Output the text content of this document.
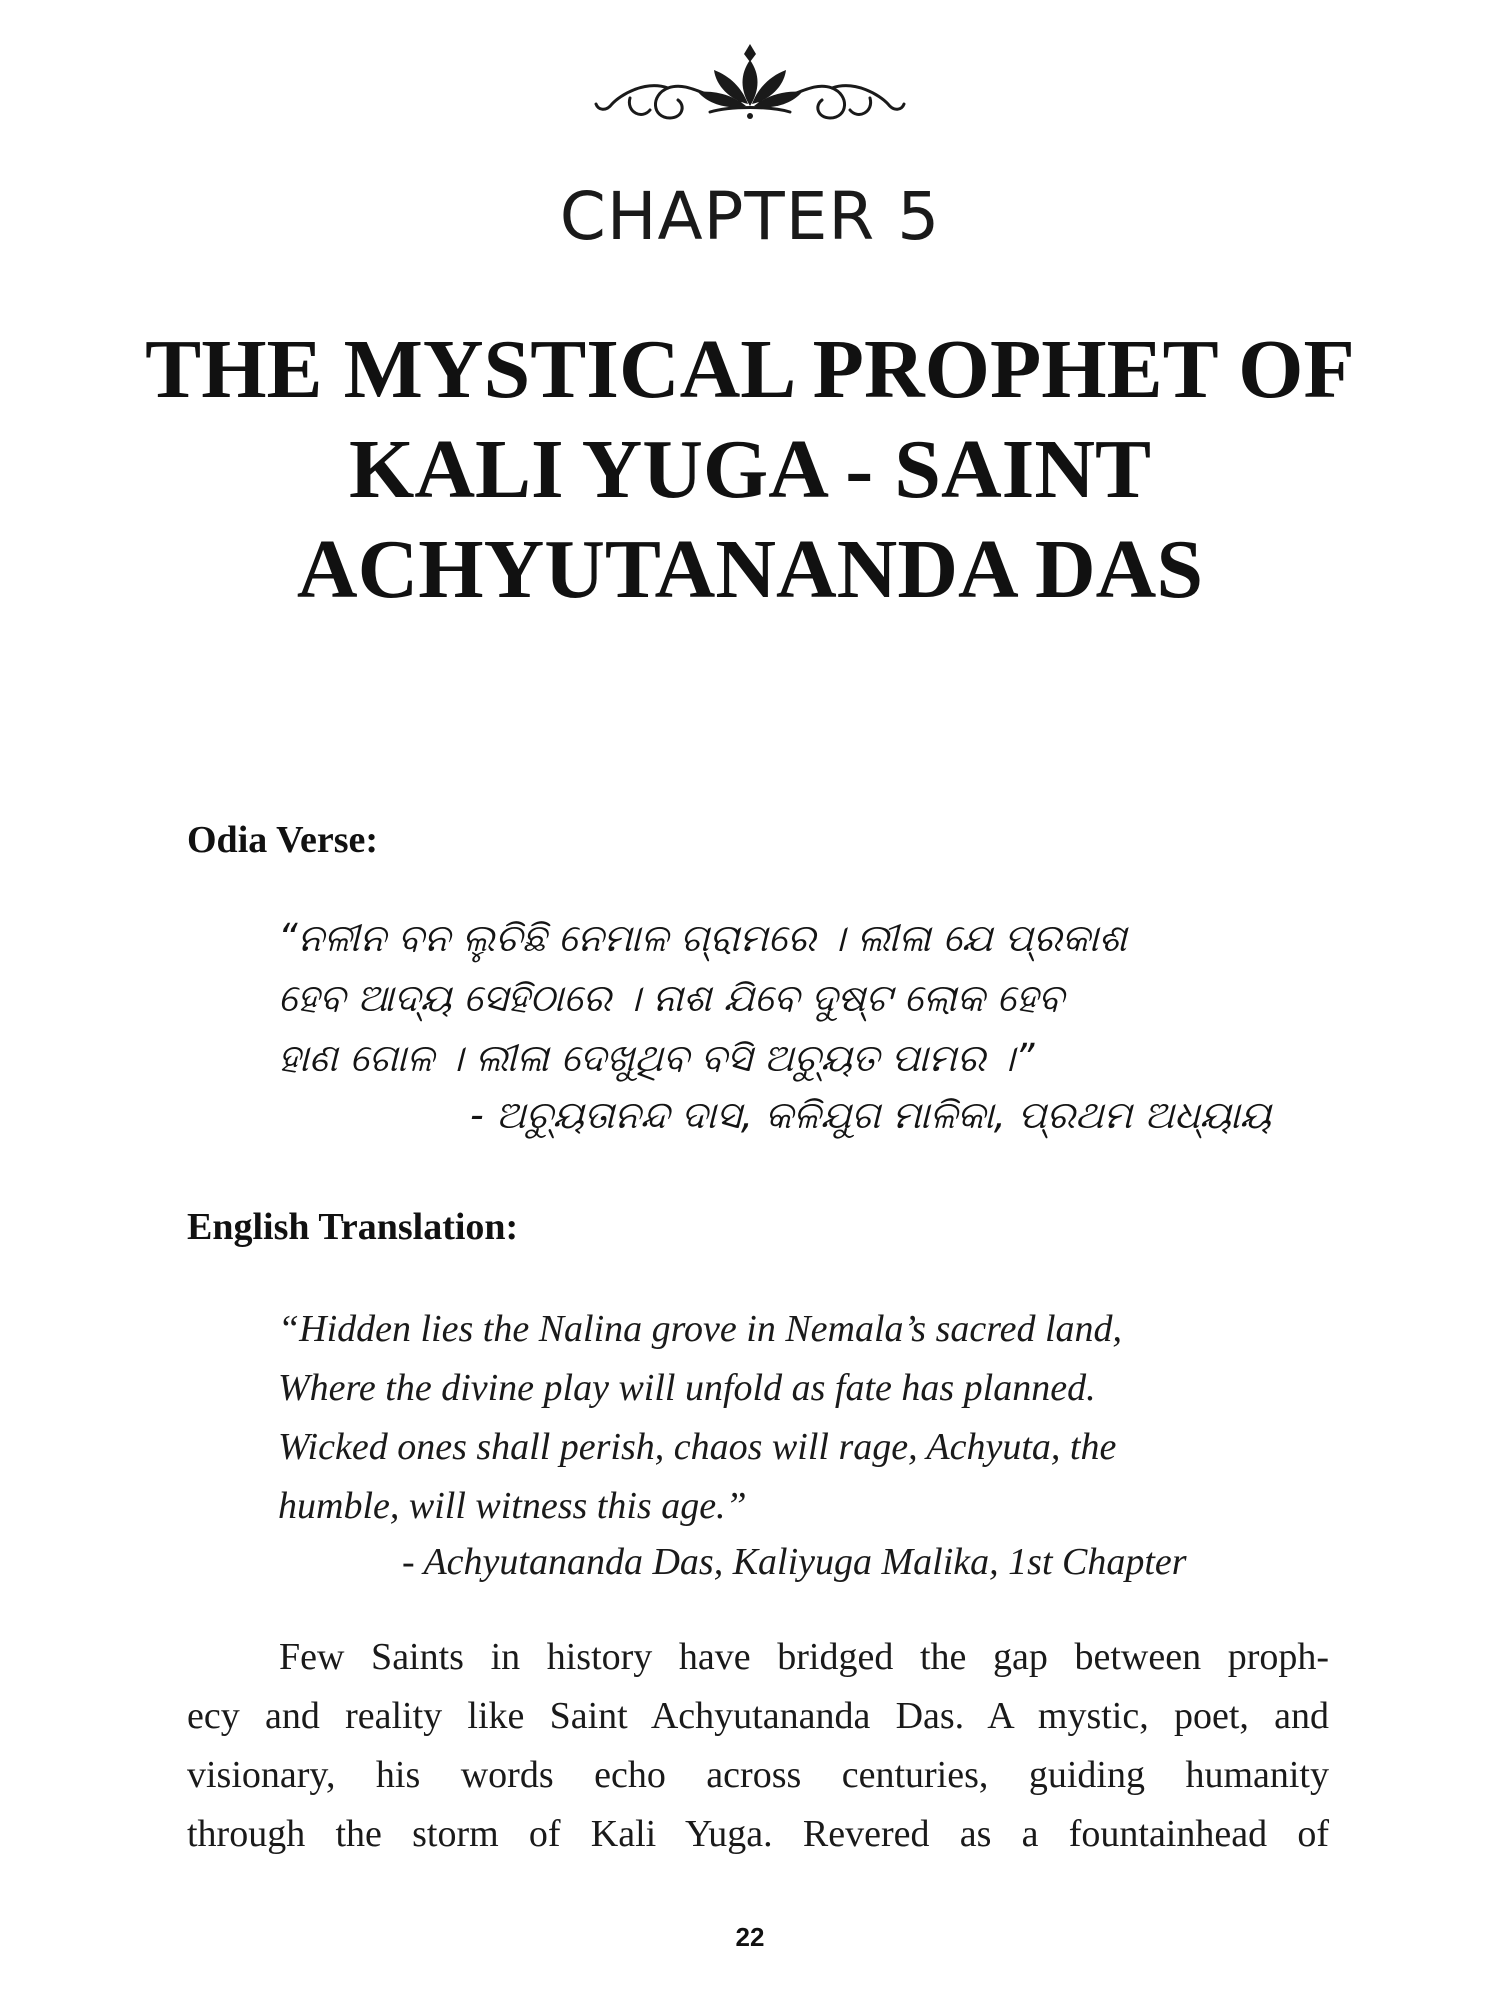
CHAPTER 5
THE MYSTICAL PROPHET OF KALI YUGA - SAINT ACHYUTANANDA DAS
Odia Verse:
“ନଳୀନ ବନ ଲୁଚିଛି ନେମାଳ ଗ୍ରାମରେ । ଲୀଳା ଯେ ପ୍ରକାଶ
ହେବ ଆଦ୍ୟ ସେହିଠାରେ । ନାଶ ଯିବେ ଦୁଷ୍ଟ ଲୋକ ହେବ
ହାଣ ଗୋଳ । ଲୀଳା ଦେଖୁଥିବ ବସି ଅଚ୍ୟୁତ ପାମର ।”

- ଅଚ୍ୟୁତାନନ୍ଦ ଦାସ, କଳିଯୁଗ ମାଳିକା, ପ୍ରଥମ ଅଧ୍ୟାୟ

English Translation:
“Hidden lies the Nalina grove in Nemala’s sacred land,
Where the divine play will unfold as fate has planned.
Wicked ones shall perish, chaos will rage, Achyuta, the
humble, will witness this age.”

- Achyutananda Das, Kaliyuga Malika, 1st Chapter

Few Saints in history have bridged the gap between proph-
ecy and reality like Saint Achyutananda Das. A mystic, poet, and
visionary, his words echo across centuries, guiding humanity
through the storm of Kali Yuga. Revered as a fountainhead of

22
